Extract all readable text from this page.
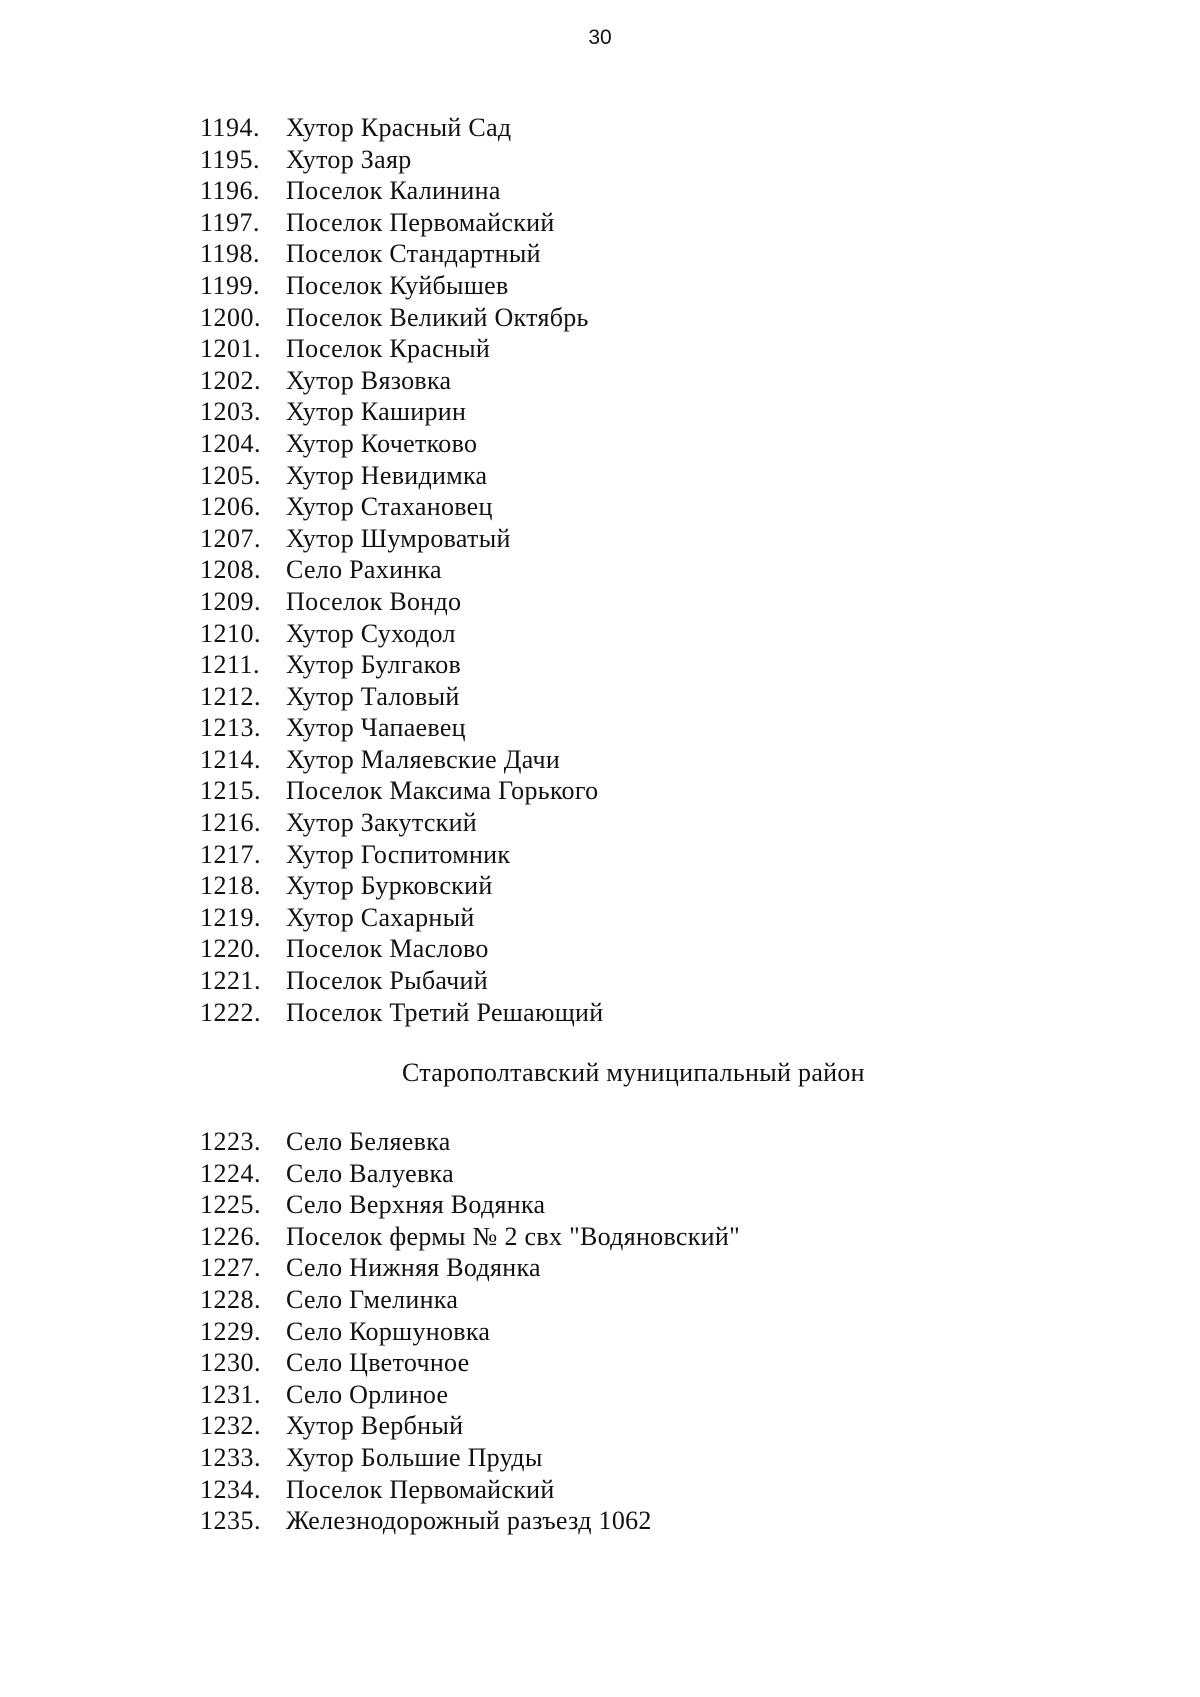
30
1194. Хутор Красный Сад
1195. Хутор Заяр
1196. Поселок Калинина
1197. Поселок Первомайский
1198. Поселок Стандартный
1199. Поселок Куйбышев
1200. Поселок Великий Октябрь
1201. Поселок Красный
1202. Хутор Вязовка
1203. Хутор Каширин
1204. Хутор Кочетково
1205. Хутор Невидимка
1206. Хутор Стахановец
1207. Хутор Шумроватый
1208. Село Рахинка
1209. Поселок Вондо
1210. Хутор Суходол
1211. Хутор Булгаков
1212. Хутор Таловый
1213. Хутор Чапаевец
1214. Хутор Маляевские Дачи
1215. Поселок Максима Горького
1216. Хутор Закутский
1217. Хутор Госпитомник
1218. Хутор Бурковский
1219. Хутор Сахарный
1220. Поселок Маслово
1221. Поселок Рыбачий
1222. Поселок Третий Решающий
Старополтавский муниципальный район
1223. Село Беляевка
1224. Село Валуевка
1225. Село Верхняя Водянка
1226. Поселок фермы № 2 свх "Водяновский"
1227. Село Нижняя Водянка
1228. Село Гмелинка
1229. Село Коршуновка
1230. Село Цветочное
1231. Село Орлиное
1232. Хутор Вербный
1233. Хутор Большие Пруды
1234. Поселок Первомайский
1235. Железнодорожный разъезд 1062
